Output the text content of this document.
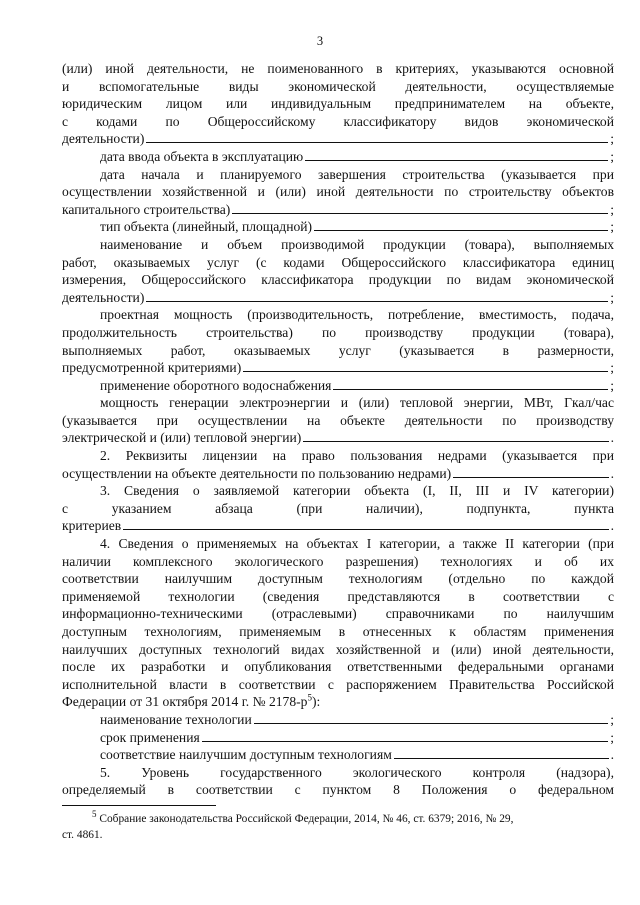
3
(или) иной деятельности, не поименованного в критериях, указываются основной
и вспомогательные виды экономической деятельности, осуществляемые
юридическим лицом или индивидуальным предпринимателем на объекте,
с кодами по Общероссийскому классификатору видов экономической
деятельности)	;
дата ввода объекта в эксплуатацию	;
дата начала и планируемого завершения строительства (указывается при
осуществлении хозяйственной и (или) иной деятельности по строительству объектов
капитального строительства)	;
тип объекта (линейный, площадной)	;
наименование и объем производимой продукции (товара), выполняемых
работ, оказываемых услуг (с кодами Общероссийского классификатора единиц
измерения, Общероссийского классификатора продукции по видам экономической
деятельности)	;
проектная мощность (производительность, потребление, вместимость, подача,
продолжительность строительства) по производству продукции (товара),
выполняемых работ, оказываемых услуг (указывается в размерности,
предусмотренной критериями)	;
применение оборотного водоснабжения	;
мощность генерации электроэнергии и (или) тепловой энергии, МВт, Гкал/час
(указывается при осуществлении на объекте деятельности по производству
электрической и (или) тепловой энергии)	.
2. Реквизиты лицензии на право пользования недрами (указывается при
осуществлении на объекте деятельности по пользованию недрами)	.
3. Сведения о заявляемой категории объекта (I, II, III и IV категории)
с указанием абзаца (при наличии), подпункта, пункта
критериев	.
4. Сведения о применяемых на объектах I категории, а также II категории (при
наличии комплексного экологического разрешения) технологиях и об их
соответствии наилучшим доступным технологиям (отдельно по каждой
применяемой технологии (сведения представляются в соответствии с
информационно-техническими (отраслевыми) справочниками по наилучшим
доступным технологиям, применяемым в отнесенных к областям применения
наилучших доступных технологий видах хозяйственной и (или) иной деятельности,
после их разработки и опубликования ответственными федеральными органами
исполнительной власти в соответствии с распоряжением Правительства Российской
Федерации от 31 октября 2014 г. № $2178-р^5$):
наименование технологии	;
срок применения	;
соответствие наилучшим доступным технологиям	.
5. Уровень государственного экологического контроля (надзора),
определяемый в соответствии с пунктом 8 Положения о федеральном
$^5$ Собрание законодательства Российской Федерации, 2014, № 46, ст. 6379; 2016, № 29,
ст. 4861.
